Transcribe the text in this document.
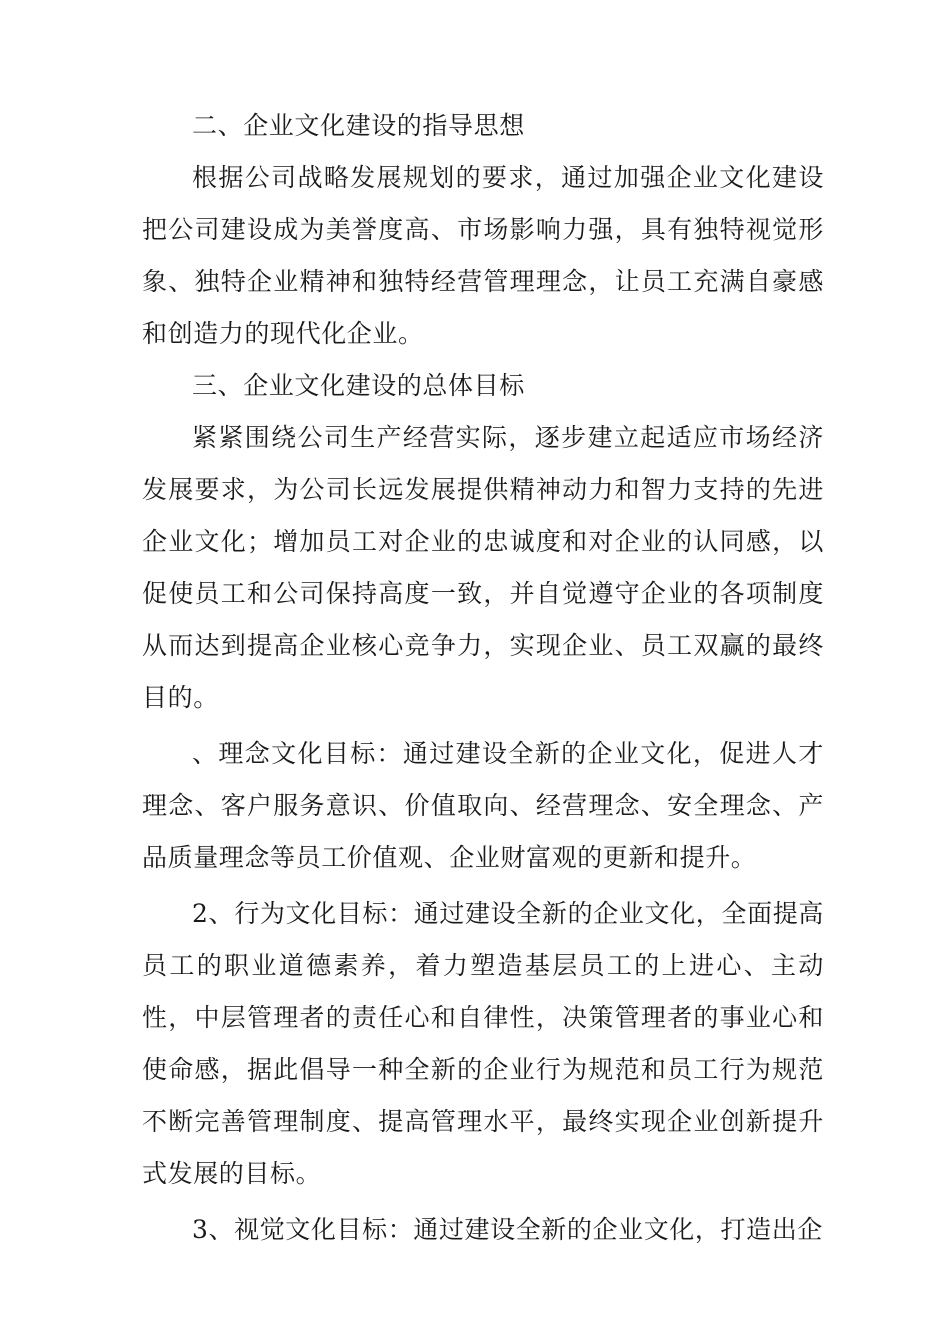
二、企业文化建设的指导思想

根据公司战略发展规划的要求，通过加强企业文化建设把公司建设成为美誉度高、市场影响力强，具有独特视觉形象、独特企业精神和独特经营管理理念，让员工充满自豪感和创造力的现代化企业。

三、企业文化建设的总体目标

紧紧围绕公司生产经营实际，逐步建立起适应市场经济发展要求，为公司长远发展提供精神动力和智力支持的先进企业文化；增加员工对企业的忠诚度和对企业的认同感，以促使员工和公司保持高度一致，并自觉遵守企业的各项制度从而达到提高企业核心竞争力，实现企业、员工双赢的最终目的。

、理念文化目标：通过建设全新的企业文化，促进人才理念、客户服务意识、价值取向、经营理念、安全理念、产品质量理念等员工价值观、企业财富观的更新和提升。

2、行为文化目标：通过建设全新的企业文化，全面提高员工的职业道德素养，着力塑造基层员工的上进心、主动性，中层管理者的责任心和自律性，决策管理者的事业心和使命感，据此倡导一种全新的企业行为规范和员工行为规范不断完善管理制度、提高管理水平，最终实现企业创新提升式发展的目标。

3、视觉文化目标：通过建设全新的企业文化，打造出企
